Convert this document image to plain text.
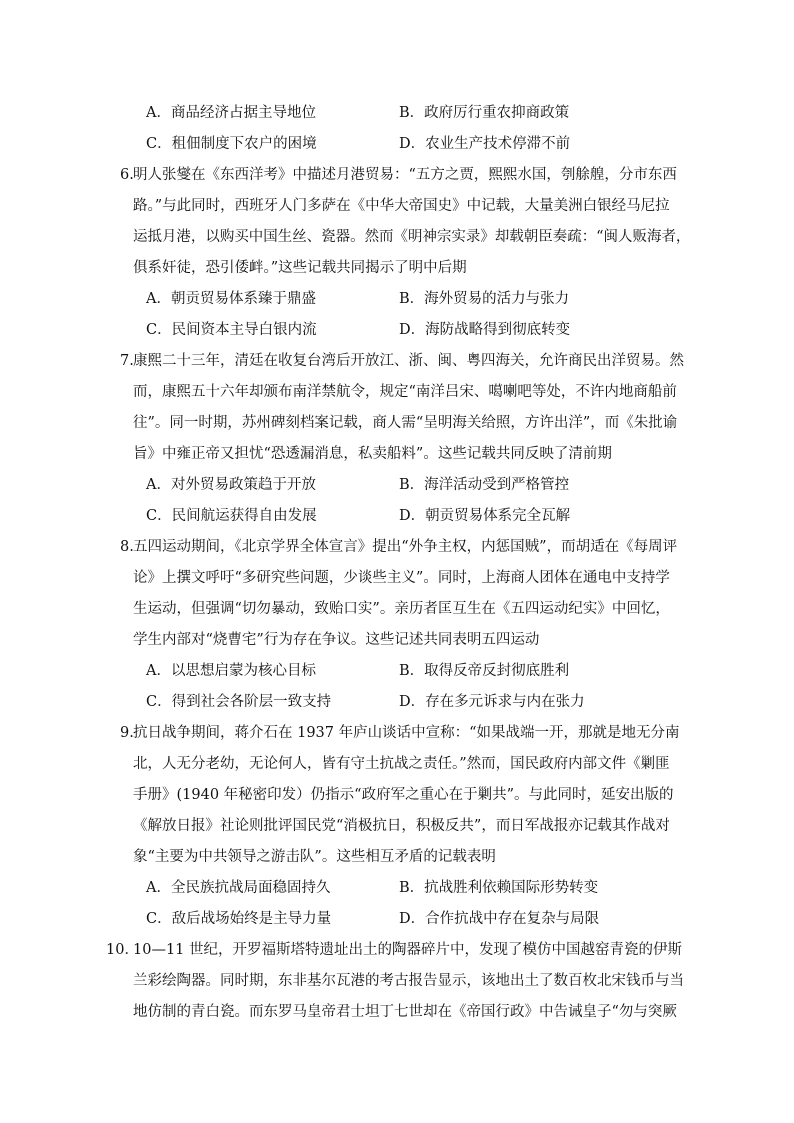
A．商品经济占据主导地位	B．政府厉行重农抑商政策
C．租佃制度下农户的困境	D．农业生产技术停滞不前
6. 明人张燮在《东西洋考》中描述月港贸易：“五方之贾，熙熙水国，刳艅艎，分市东西
路。”与此同时，西班牙人门多萨在《中华大帝国史》中记载，大量美洲白银经马尼拉
运抵月港，以购买中国生丝、瓷器。然而《明神宗实录》却载朝臣奏疏：“闽人贩海者，
俱系奸徒，恐引倭衅。”这些记载共同揭示了明中后期
A．朝贡贸易体系臻于鼎盛	B．海外贸易的活力与张力
C．民间资本主导白银内流	D．海防战略得到彻底转变
7. 康熙二十三年，清廷在收复台湾后开放江、浙、闽、粤四海关，允许商民出洋贸易。然
而，康熙五十六年却颁布南洋禁航令，规定“南洋吕宋、噶喇吧等处，不许内地商船前
往”。同一时期，苏州碑刻档案记载，商人需“呈明海关给照，方许出洋”，而《朱批谕
旨》中雍正帝又担忧“恐透漏消息，私卖船料”。这些记载共同反映了清前期
A．对外贸易政策趋于开放	B．海洋活动受到严格管控
C．民间航运获得自由发展	D．朝贡贸易体系完全瓦解
8. 五四运动期间，《北京学界全体宣言》提出“外争主权，内惩国贼”，而胡适在《每周评
论》上撰文呼吁“多研究些问题，少谈些主义”。同时，上海商人团体在通电中支持学
生运动，但强调“切勿暴动，致贻口实”。亲历者匡互生在《五四运动纪实》中回忆，
学生内部对“烧曹宅”行为存在争议。这些记述共同表明五四运动
A．以思想启蒙为核心目标	B．取得反帝反封彻底胜利
C．得到社会各阶层一致支持	D．存在多元诉求与内在张力
9. 抗日战争期间，蒋介石在 1937 年庐山谈话中宣称：“如果战端一开，那就是地无分南
北，人无分老幼，无论何人，皆有守土抗战之责任。”然而，国民政府内部文件《剿匪
手册》(1940 年秘密印发）仍指示“政府军之重心在于剿共”。与此同时，延安出版的
《解放日报》社论则批评国民党“消极抗日，积极反共”，而日军战报亦记载其作战对
象“主要为中共领导之游击队”。这些相互矛盾的记载表明
A．全民族抗战局面稳固持久	B．抗战胜利依赖国际形势转变
C．敌后战场始终是主导力量	D．合作抗战中存在复杂与局限
10．
10—11 世纪，开罗福斯塔特遗址出土的陶器碎片中，发现了模仿中国越窑青瓷的伊斯
兰彩绘陶器。同时期，东非基尔瓦港的考古报告显示，该地出土了数百枚北宋钱币与当
地仿制的青白瓷。而东罗马皇帝君士坦丁七世却在《帝国行政》中告诫皇子“勿与突厥
